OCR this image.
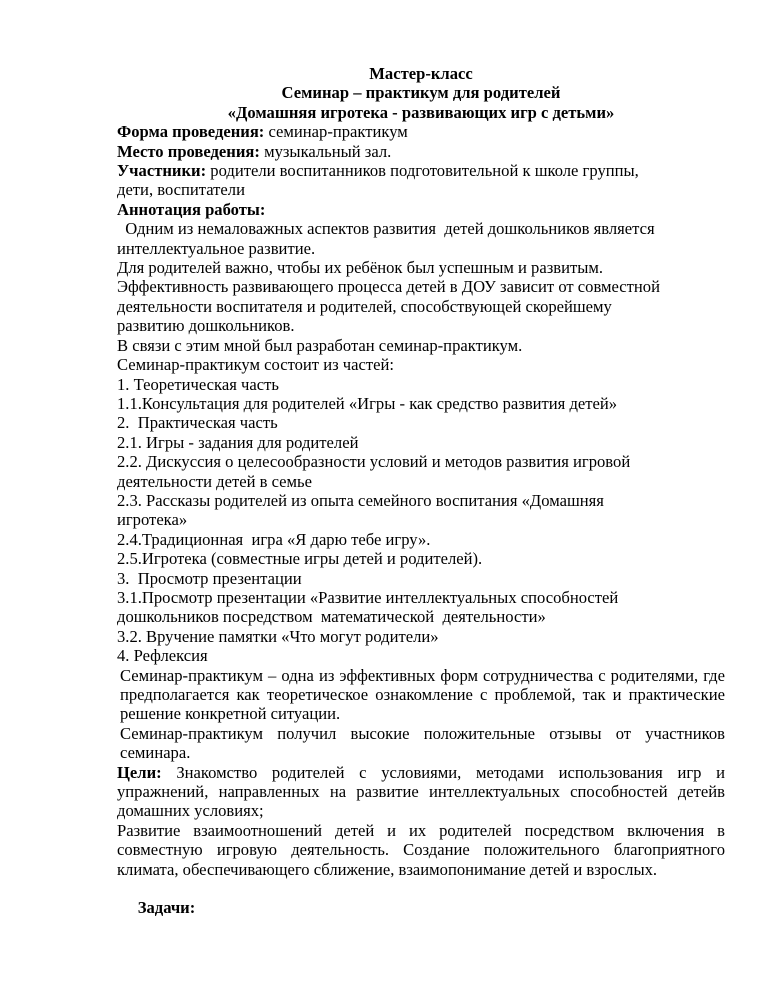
Мастер-класс
Семинар – практикум для родителей
«Домашняя игротека - развивающих игр с детьми»
Форма проведения: семинар-практикум
Место проведения: музыкальный зал.
Участники: родители воспитанников подготовительной к школе группы,
дети, воспитатели
Аннотация работы:
Одним из немаловажных аспектов развития  детей дошкольников является
интеллектуальное развитие.
Для родителей важно, чтобы их ребёнок был успешным и развитым.
Эффективность развивающего процесса детей в ДОУ зависит от совместной
деятельности воспитателя и родителей, способствующей скорейшему
развитию дошкольников.
В связи с этим мной был разработан семинар-практикум.
Семинар-практикум состоит из частей:
1. Теоретическая часть
1.1.Консультация для родителей «Игры - как средство развития детей»
2.  Практическая часть
2.1. Игры - задания для родителей
2.2. Дискуссия о целесообразности условий и методов развития игровой
деятельности детей в семье
2.3. Рассказы родителей из опыта семейного воспитания «Домашняя
игротека»
2.4.Традиционная  игра «Я дарю тебе игру».
2.5.Игротека (совместные игры детей и родителей).
3.  Просмотр презентации
3.1.Просмотр презентации «Развитие интеллектуальных способностей
дошкольников посредством  математической  деятельности»
3.2. Вручение памятки «Что могут родители»
4. Рефлексия
Семинар-практикум – одна из эффективных форм сотрудничества с родителями, где предполагается как теоретическое ознакомление с проблемой, так и практические решение конкретной ситуации.
Семинар-практикум получил высокие положительные отзывы от участников семинара.
Цели: Знакомство родителей с условиями, методами использования игр и упражнений, направленных на развитие интеллектуальных способностей детейв домашних условиях;
Развитие взаимоотношений детей и их родителей посредством включения в совместную игровую деятельность. Создание положительного благоприятного климата, обеспечивающего сближение, взаимопонимание детей и взрослых.

Задачи:
